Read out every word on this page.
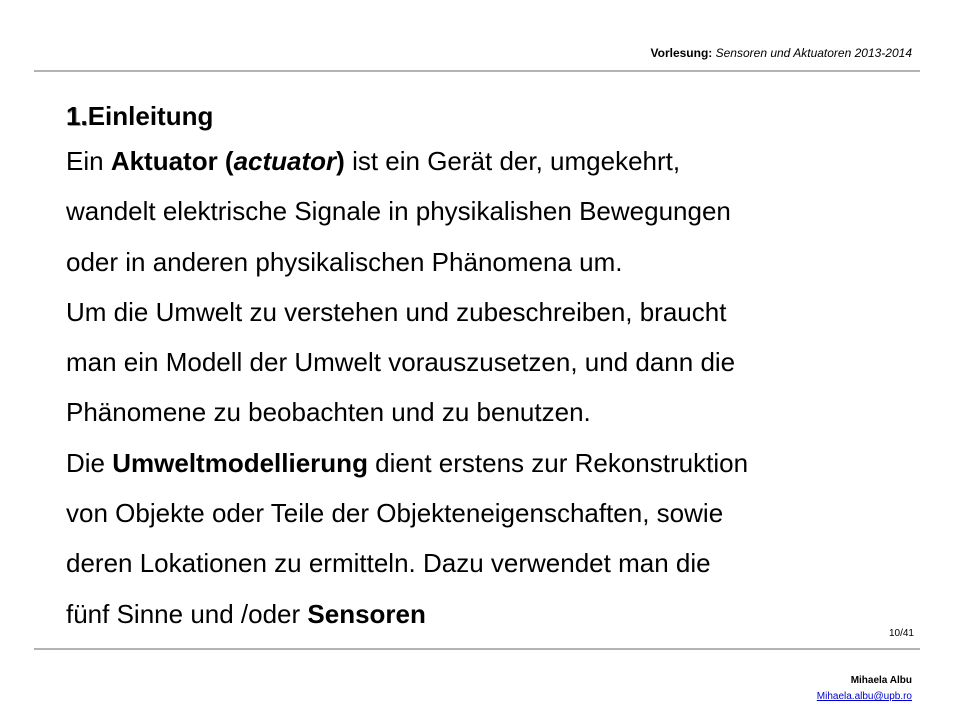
Vorlesung: Sensoren und Aktuatoren 2013-2014
1.Einleitung
Ein Aktuator (actuator) ist ein Gerät der, umgekehrt,
wandelt elektrische Signale in physikalishen Bewegungen
oder in anderen physikalischen Phänomena um.
Um die Umwelt zu verstehen und zubeschreiben, braucht
man ein Modell der Umwelt vorauszusetzen, und dann die
Phänomene zu beobachten und zu benutzen.
Die Umweltmodellierung dient erstens zur Rekonstruktion
von Objekte oder Teile der Objekteneigenschaften, sowie
deren Lokationen zu ermitteln. Dazu verwendet man die
fünf Sinne und /oder Sensoren
10/41
Mihaela Albu
Mihaela.albu@upb.ro
